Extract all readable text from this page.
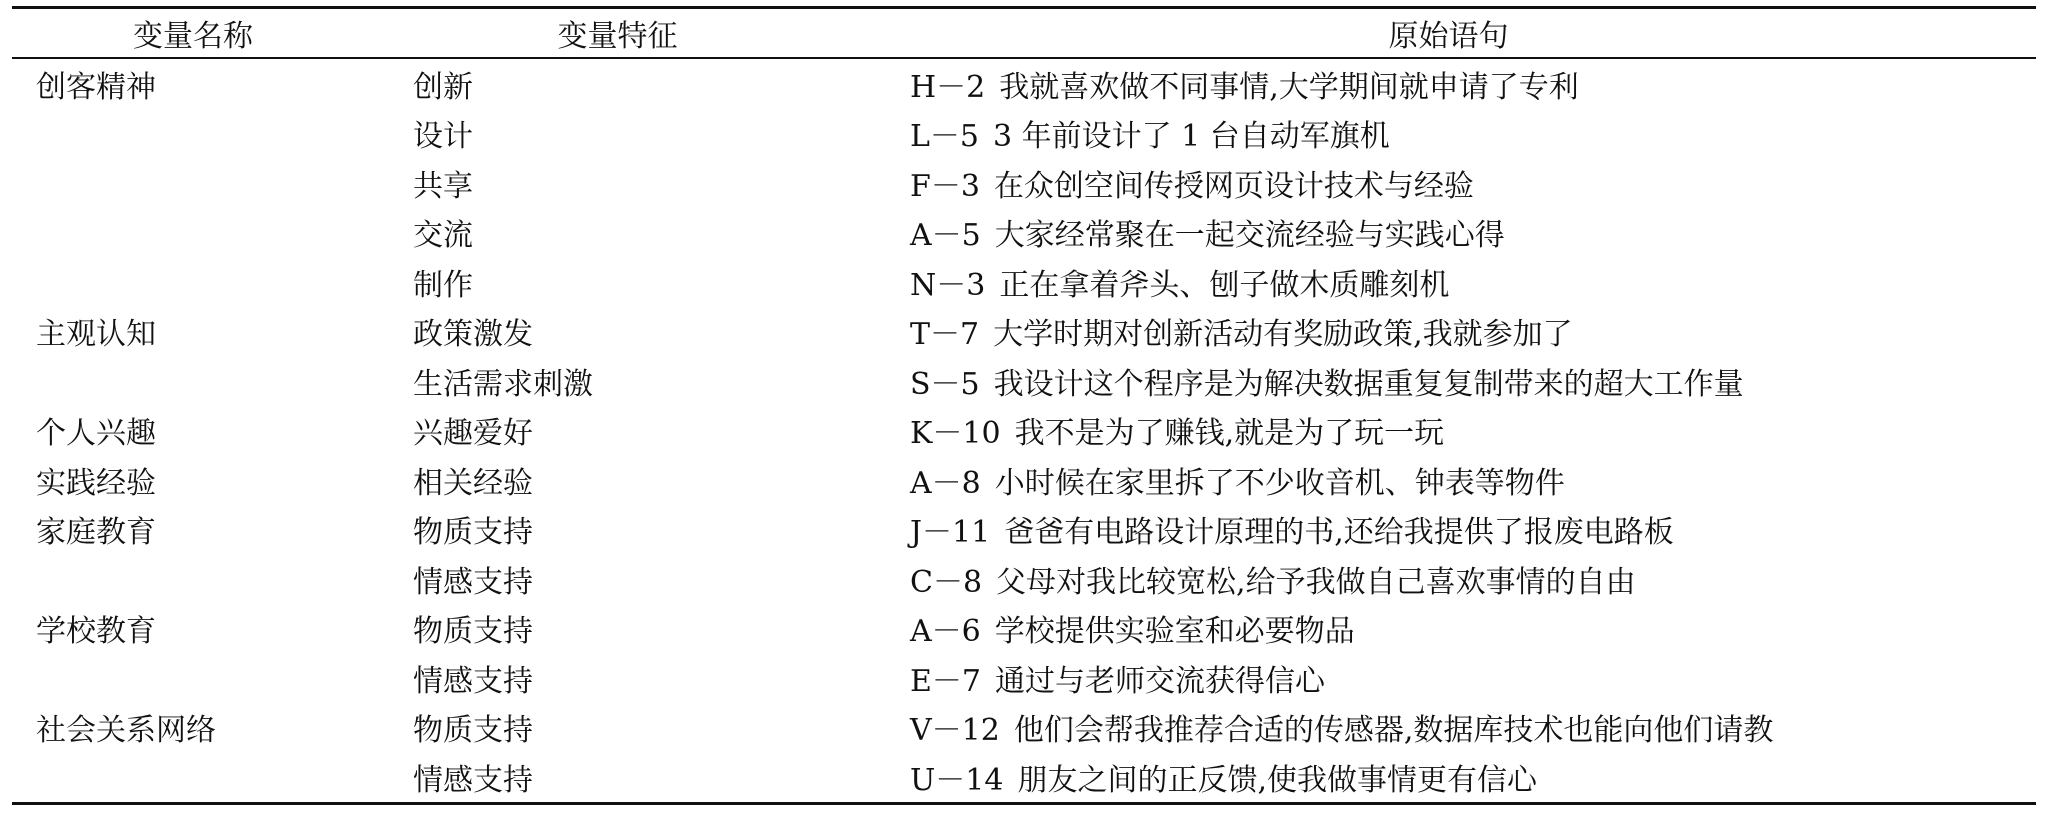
变量名称	变量特征	原始语句
创客精神	创新	H－2 我就喜欢做不同事情,大学期间就申请了专利
	设计	L－5 3 年前设计了 1 台自动军旗机
	共享	F－3 在众创空间传授网页设计技术与经验
	交流	A－5 大家经常聚在一起交流经验与实践心得
	制作	N－3 正在拿着斧头、刨子做木质雕刻机
主观认知	政策激发	T－7 大学时期对创新活动有奖励政策,我就参加了
	生活需求刺激	S－5 我设计这个程序是为解决数据重复复制带来的超大工作量
个人兴趣	兴趣爱好	K－10 我不是为了赚钱,就是为了玩一玩
实践经验	相关经验	A－8 小时候在家里拆了不少收音机、钟表等物件
家庭教育	物质支持	J－11 爸爸有电路设计原理的书,还给我提供了报废电路板
	情感支持	C－8 父母对我比较宽松,给予我做自己喜欢事情的自由
学校教育	物质支持	A－6 学校提供实验室和必要物品
	情感支持	E－7 通过与老师交流获得信心
社会关系网络	物质支持	V－12 他们会帮我推荐合适的传感器,数据库技术也能向他们请教
	情感支持	U－14 朋友之间的正反馈,使我做事情更有信心
